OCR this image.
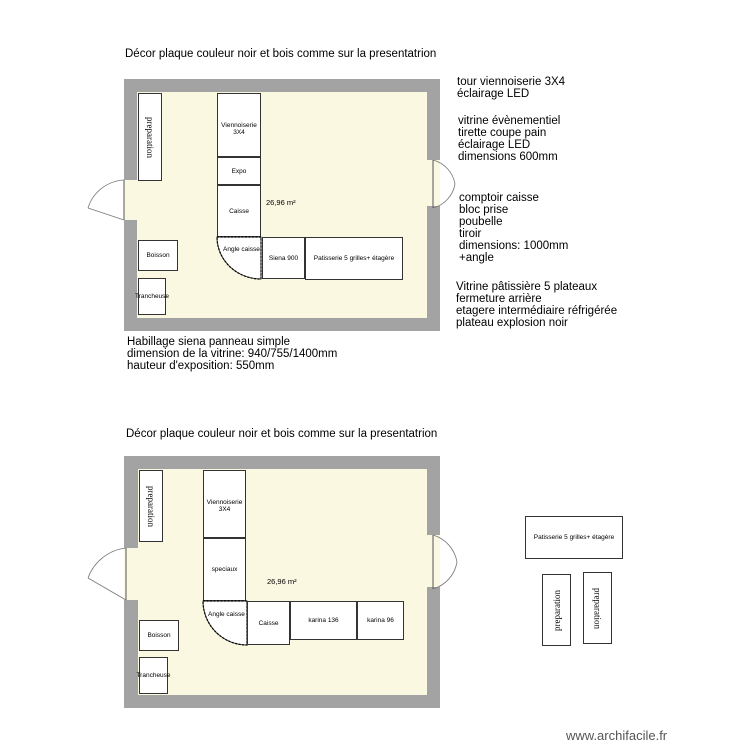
Décor plaque couleur noir et bois comme sur la presentatrion
preparation	Viennoiserie 3X4
Expo
Caisse
26,96 m²
Angle caisse
Siena 900 Patisserie 5 grilles+ étagère
Boisson
Trancheuse
tour viennoiserie 3X4
éclairage LED
vitrine évènementiel
tirette coupe pain
éclairage LED
dimensions 600mm
comptoir caisse
bloc prise
poubelle
tiroir
dimensions: 1000mm
+angle
Vitrine pâtissière 5 plateaux
fermeture arrière
etagere intermédiaire réfrigérée
plateau explosion noir
Habillage siena panneau simple
dimension de la vitrine: 940/755/1400mm
hauteur d'exposition: 550mm
Décor plaque couleur noir et bois comme sur la presentatrion
preparation	Viennoiserie 3X4
speciaux
26,96 m²
Angle caisse
Caisse	karina 136	karina 96
Boisson
Trancheuse
Patisserie 5 grilles+ étagère
preparation	preparation
www.archifacile.fr
